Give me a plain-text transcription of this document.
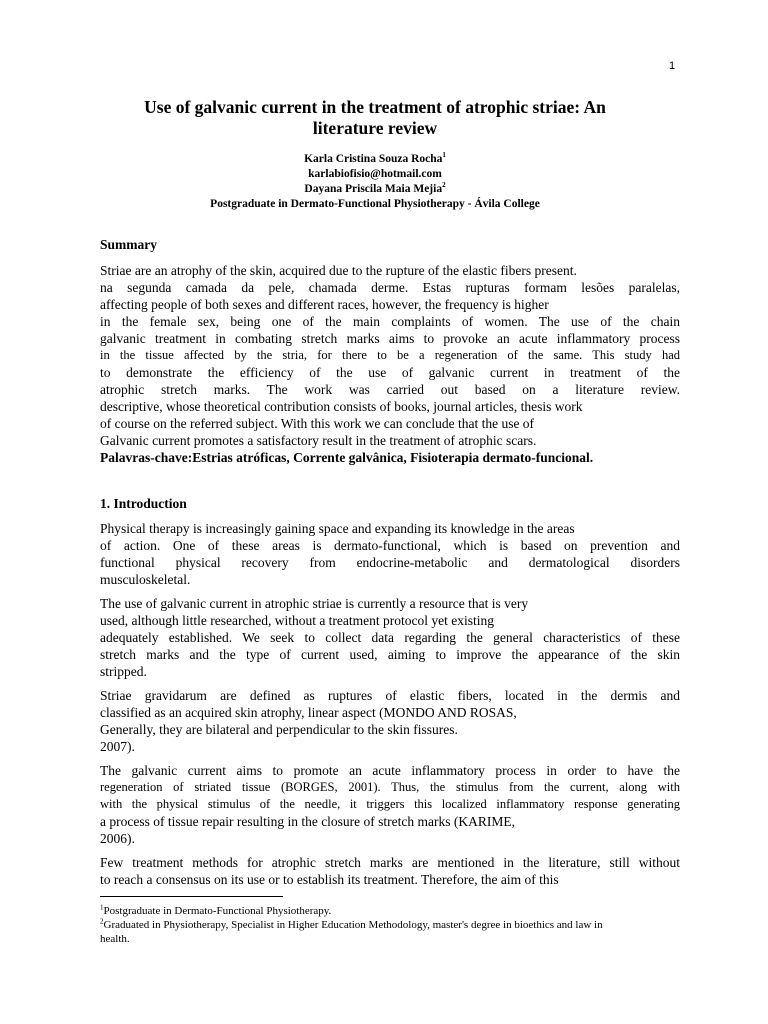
1
Use of galvanic current in the treatment of atrophic striae: An
literature review
Karla Cristina Souza Rocha$^1$
karlabiofisio@hotmail.com
Dayana Priscila Maia Mejia$^2$
Postgraduate in Dermato-Functional Physiotherapy - Ávila College
Summary
Striae are an atrophy of the skin, acquired due to the rupture of the elastic fibers present.
na segunda camada da pele, chamada derme. Estas rupturas formam lesões paralelas,
affecting people of both sexes and different races, however, the frequency is higher
in the female sex, being one of the main complaints of women. The use of the chain
galvanic treatment in combating stretch marks aims to provoke an acute inflammatory process
in the tissue affected by the stria, for there to be a regeneration of the same. This study had
to demonstrate the efficiency of the use of galvanic current in treatment of the
atrophic stretch marks. The work was carried out based on a literature review.
descriptive, whose theoretical contribution consists of books, journal articles, thesis work
of course on the referred subject. With this work we can conclude that the use of
Galvanic current promotes a satisfactory result in the treatment of atrophic scars.
Palavras-chave:Estrias atróficas, Corrente galvânica, Fisioterapia dermato-funcional.
1. Introduction
Physical therapy is increasingly gaining space and expanding its knowledge in the areas
of action. One of these areas is dermato-functional, which is based on prevention and
functional physical recovery from endocrine-metabolic and dermatological disorders
musculoskeletal.
The use of galvanic current in atrophic striae is currently a resource that is very
used, although little researched, without a treatment protocol yet existing
adequately established. We seek to collect data regarding the general characteristics of these
stretch marks and the type of current used, aiming to improve the appearance of the skin
stripped.
Striae gravidarum are defined as ruptures of elastic fibers, located in the dermis and
classified as an acquired skin atrophy, linear aspect (MONDO AND ROSAS,
Generally, they are bilateral and perpendicular to the skin fissures.
2007).
The galvanic current aims to promote an acute inflammatory process in order to have the
regeneration of striated tissue (BORGES, 2001). Thus, the stimulus from the current, along with
with the physical stimulus of the needle, it triggers this localized inflammatory response generating
a process of tissue repair resulting in the closure of stretch marks (KARIME,
2006).
Few treatment methods for atrophic stretch marks are mentioned in the literature, still without
to reach a consensus on its use or to establish its treatment. Therefore, the aim of this
$^1$Postgraduate in Dermato-Functional Physiotherapy.
$^2$Graduated in Physiotherapy, Specialist in Higher Education Methodology, master's degree in bioethics and law in
health.
